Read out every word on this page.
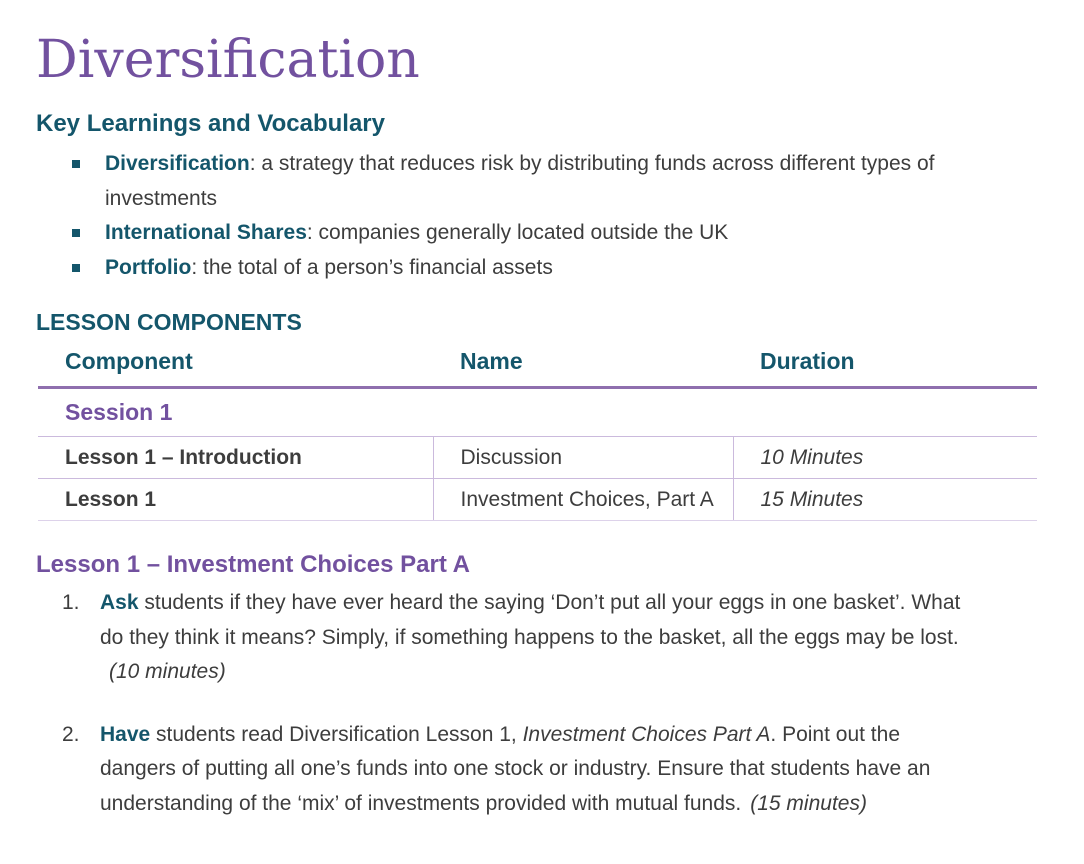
Diversification
Key Learnings and Vocabulary
Diversification: a strategy that reduces risk by distributing funds across different types of investments
International Shares: companies generally located outside the UK
Portfolio: the total of a person’s financial assets
LESSON COMPONENTS
Component	Name	Duration
Session 1		
Lesson 1 – Introduction	Discussion	10 Minutes
Lesson 1	Investment Choices, Part A	15 Minutes
Lesson 1 – Investment Choices Part A
1. Ask students if they have ever heard the saying ‘Don’t put all your eggs in one basket’. What do they think it means? Simply, if something happens to the basket, all the eggs may be lost.(10 minutes)
2. Have students read Diversification Lesson 1, Investment Choices Part A. Point out the dangers of putting all one’s funds into one stock or industry. Ensure that students have an understanding of the ‘mix’ of investments provided with mutual funds. (15 minutes)
